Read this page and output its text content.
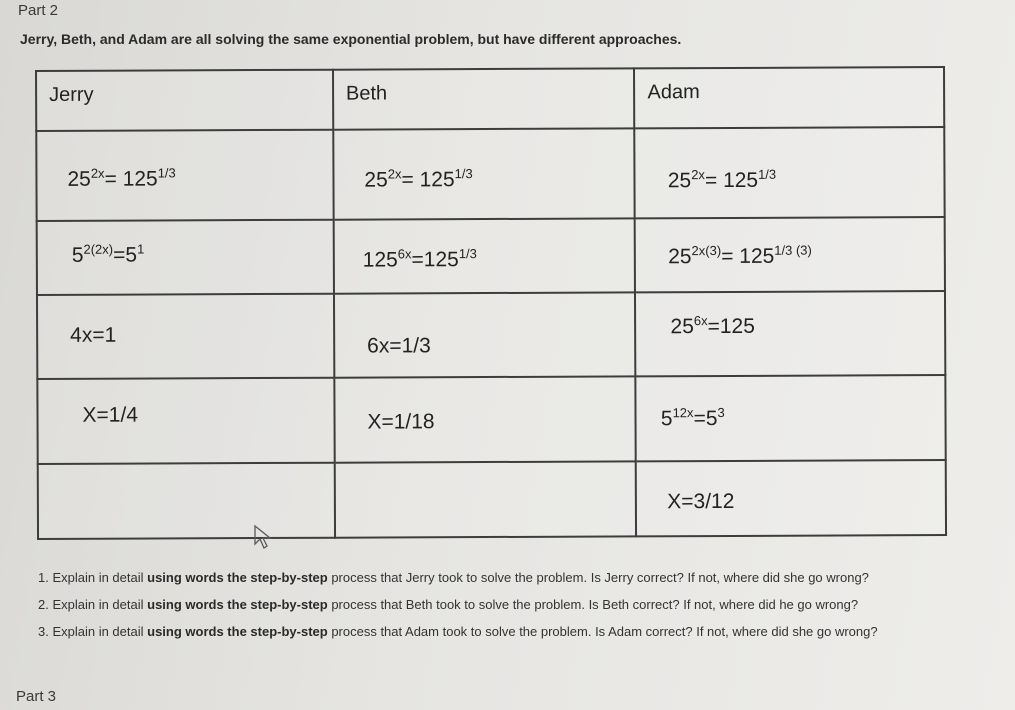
Part 2
Jerry, Beth, and Adam are all solving the same exponential problem, but have different approaches.
Jerry	Beth	Adam

$25^{2x}= 125^{1/3}$	$25^{2x}= 125^{1/3}$	$25^{2x}= 125^{1/3}$

$5^{2(2x)}=5^1$	$125^{6x}=125^{1/3}$	$25^{2x(3)}= 125^{1/3 (3)}$

4x=1	6x=1/3	$25^{6x}=125$

X=1/4	X=1/18	$5^{12x}=5^3$

		X=3/12
1. Explain in detail using words the step-by-step process that Jerry took to solve the problem. Is Jerry correct? If not, where did she go wrong?
2. Explain in detail using words the step-by-step process that Beth took to solve the problem. Is Beth correct? If not, where did he go wrong?
3. Explain in detail using words the step-by-step process that Adam took to solve the problem. Is Adam correct? If not, where did she go wrong?
Part 3
